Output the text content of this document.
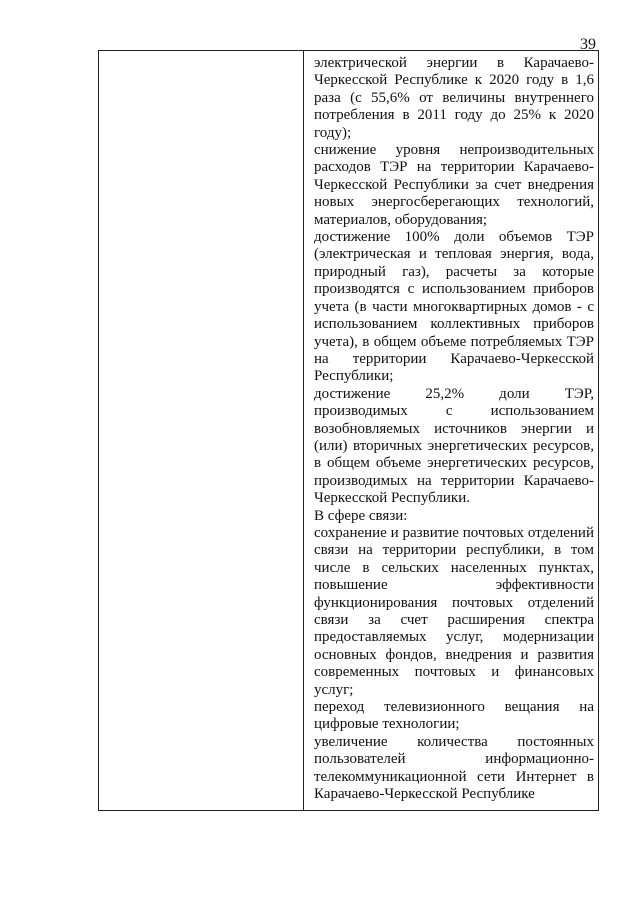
39

электрической энергии в Карачаево-Черкесской Республике к 2020 году в 1,6 раза (с 55,6% от величины внутреннего потребления в 2011 году до 25% к 2020 году);

снижение уровня непроизводительных расходов ТЭР на территории Карачаево-Черкесской Республики за счет внедрения новых энергосберегающих технологий, материалов, оборудования;

достижение 100% доли объемов ТЭР (электрическая и тепловая энергия, вода, природный газ), расчеты за которые производятся с использованием приборов учета (в части многоквартирных домов - с использованием коллективных приборов учета), в общем объеме потребляемых ТЭР на территории Карачаево-Черкесской Республики;

достижение 25,2% доли ТЭР, производимых с использованием возобновляемых источников энергии и (или) вторичных энергетических ресурсов, в общем объеме энергетических ресурсов, производимых на территории Карачаево-Черкесской Республики.

В сфере связи:

сохранение и развитие почтовых отделений связи на территории республики, в том числе в сельских населенных пунктах, повышение эффективности функционирования почтовых отделений связи за счет расширения спектра предоставляемых услуг, модернизации основных фондов, внедрения и развития современных почтовых и финансовых услуг;

переход телевизионного вещания на цифровые технологии;

увеличение количества постоянных пользователей информационно-телекоммуникационной сети Интернет в Карачаево-Черкесской Республике
